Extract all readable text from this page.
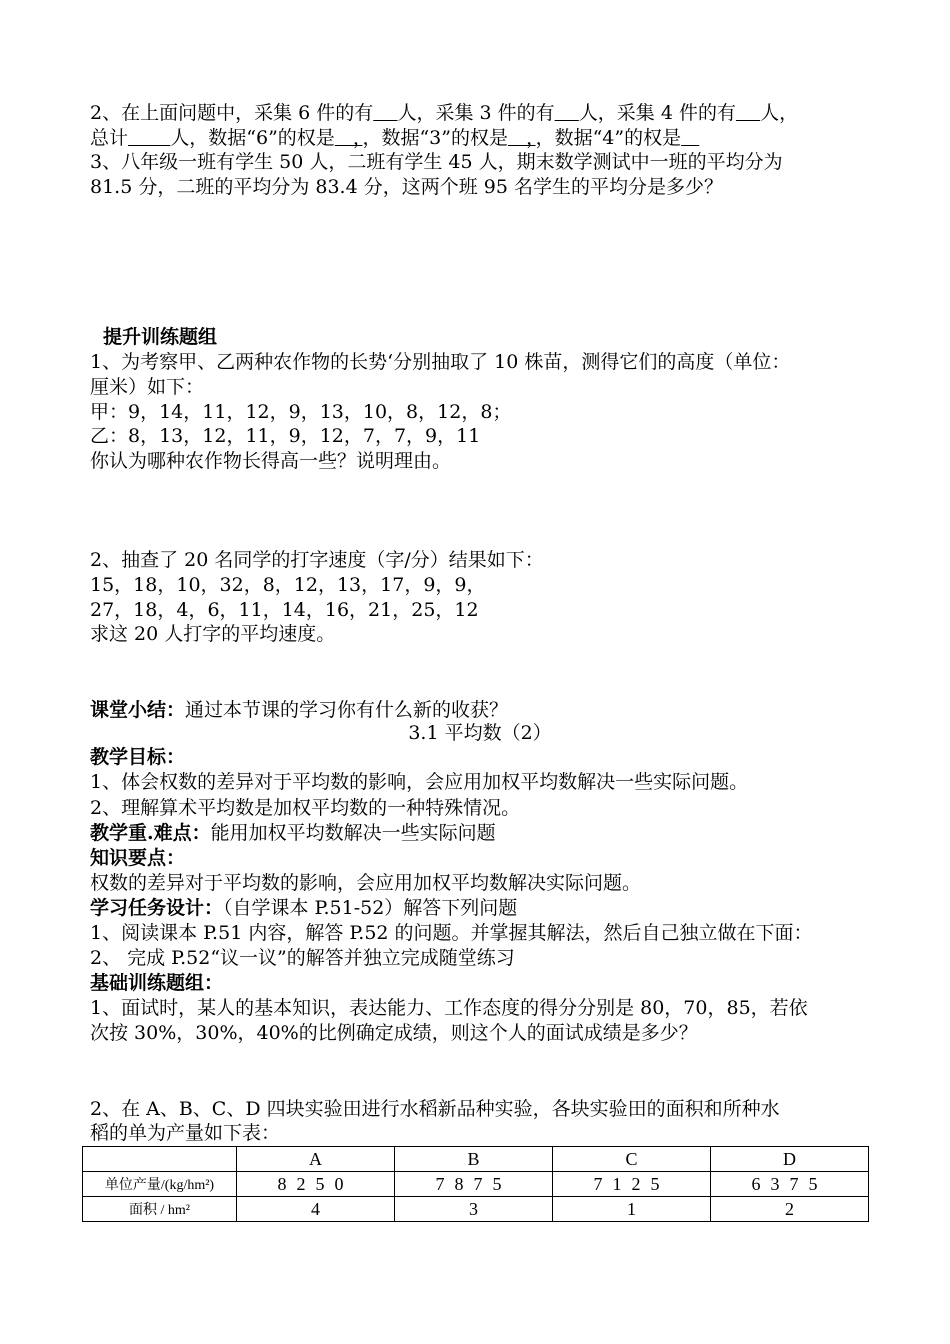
2、在上面问题中，采集 6 件的有 人，采集 3 件的有 人，采集 4 件的有 人，
总计 人，数据“6”的权是   ，，数据“3”的权是   ，，数据“4”的权是
3、八年级一班有学生 50 人，二班有学生 45 人，期末数学测试中一班的平均分为
81.5 分，二班的平均分为 83.4 分，这两个班 95 名学生的平均分是多少？
提升训练题组
1、为考察甲、乙两种农作物的长势‘分别抽取了 10 株苗，测得它们的高度（单位：
厘米）如下：
甲：9，14，11，12，9，13，10，8，12，8；
乙：8，13，12，11，9，12，7，7，9，11
你认为哪种农作物长得高一些？说明理由。
2、抽查了 20 名同学的打字速度（字/分）结果如下：
15，18，10，32，8，12，13，17，9，9，
27，18，4，6，11，14，16，21，25，12
求这 20 人打字的平均速度。
课堂小结：通过本节课的学习你有什么新的收获？
3.1 平均数（2）
教学目标：
1、体会权数的差异对于平均数的影响，会应用加权平均数解决一些实际问题。
2、理解算术平均数是加权平均数的一种特殊情况。
教学重.难点：能用加权平均数解决一些实际问题
知识要点：
权数的差异对于平均数的影响，会应用加权平均数解决实际问题。
学习任务设计：（自学课本 P.51-52）解答下列问题
1、阅读课本 P.51 内容，解答 P.52 的问题。并掌握其解法，然后自己独立做在下面：
2、 完成 P.52“议一议”的解答并独立完成随堂练习
基础训练题组：
1、面试时，某人的基本知识，表达能力、工作态度的得分分别是 80，70，85，若依
次按 30%，30%，40%的比例确定成绩，则这个人的面试成绩是多少？
2、在 A、B、C、D 四块实验田进行水稻新品种实验，各块实验田的面积和所种水
稻的单为产量如下表：
	A	B	C	D
单位产量/(kg/hm²)	8250	7875	7125	6375
面积 / hm²	4	3	1	2
